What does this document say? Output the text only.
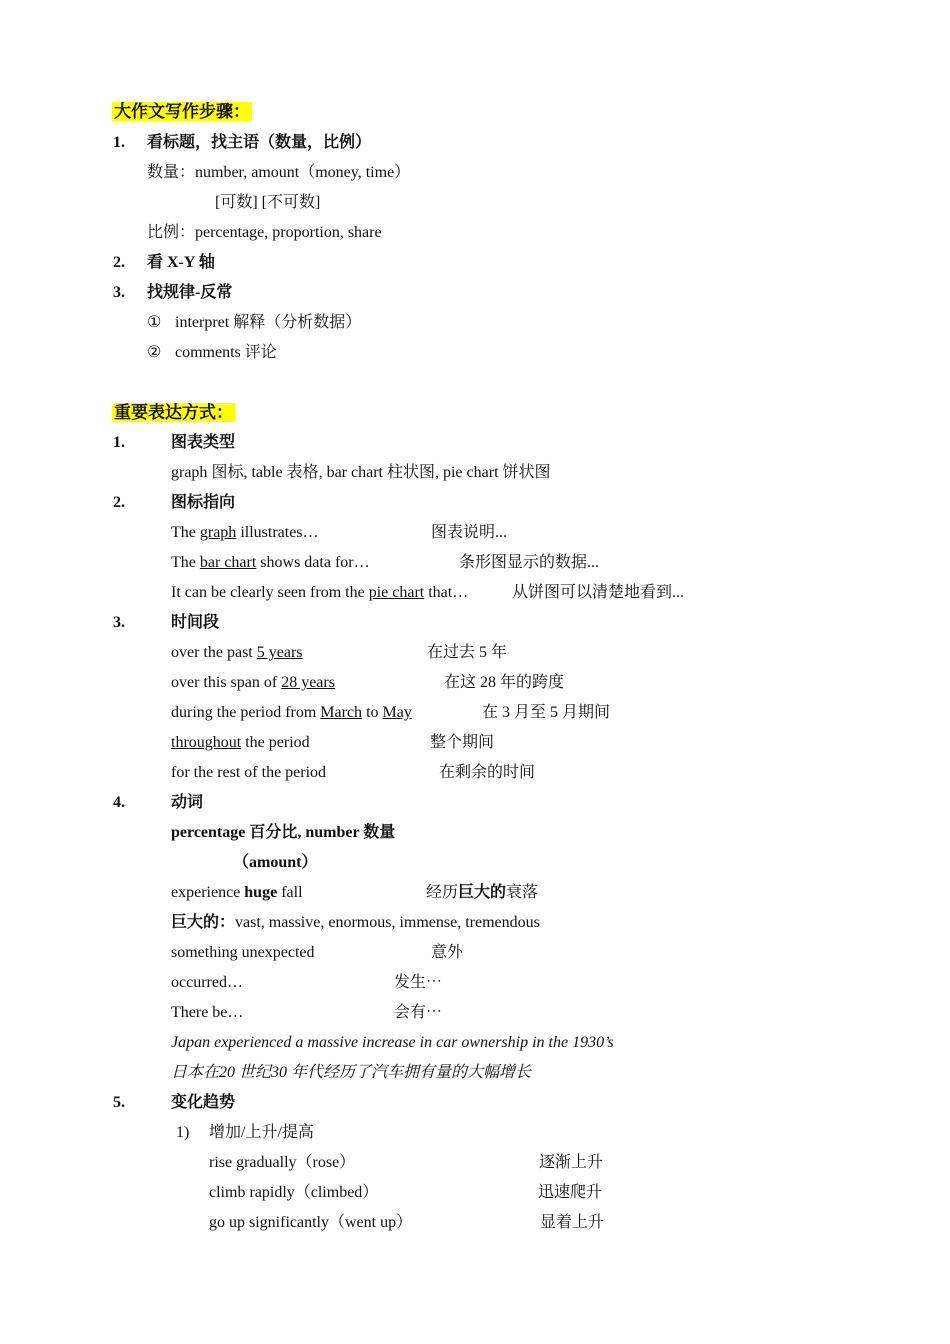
大作文写作步骤：
1. 看标题，找主语（数量，比例）
数量：number, amount（money, time）
[可数] [不可数]
比例：percentage, proportion, share
2. 看 X-Y 轴
3. 找规律-反常
① interpret 解释（分析数据）
② comments 评论
重要表达方式：
1.	图表类型
graph 图标, table 表格, bar chart 柱状图, pie chart 饼状图
2.	图标指向
The graph illustrates…	图表说明...
The bar chart shows data for…	条形图显示的数据...
It can be clearly seen from the pie chart that…	从饼图可以清楚地看到...
3.	时间段
over the past 5 years	在过去 5 年
over this span of 28 years	在这 28 年的跨度
during the period from March to May	在 3 月至 5 月期间
throughout the period	整个期间
for the rest of the period	在剩余的时间
4.	动词
percentage 百分比, number 数量
（amount）
experience huge fall	经历巨大的衰落
巨大的：vast, massive, enormous, immense, tremendous
something unexpected	意外
occurred…	发生⋯
There be…	会有⋯
Japan experienced a massive increase in car ownership in the 1930’s
日本在20 世纪30 年代经历了汽车拥有量的大幅增长
5.	变化趋势
1) 增加/上升/提高
rise gradually（rose）	逐渐上升
climb rapidly（climbed）	迅速爬升
go up significantly（went up）	显着上升
